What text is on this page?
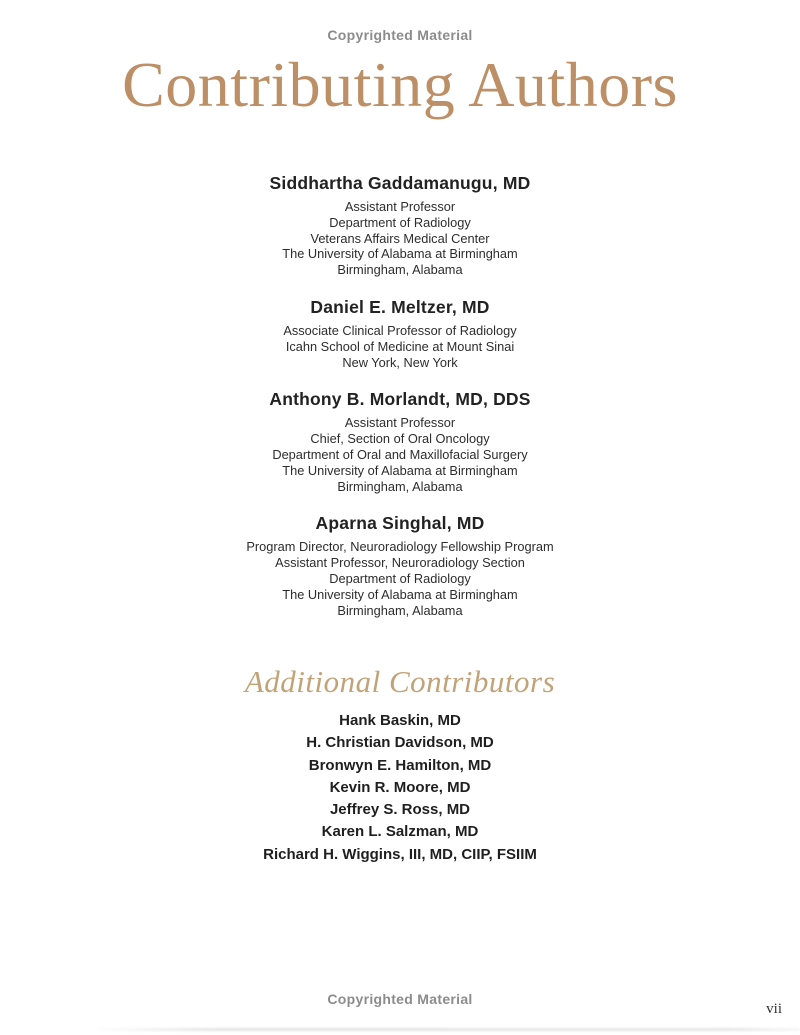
Copyrighted Material
Contributing Authors
Siddhartha Gaddamanugu, MD
Assistant Professor
Department of Radiology
Veterans Affairs Medical Center
The University of Alabama at Birmingham
Birmingham, Alabama
Daniel E. Meltzer, MD
Associate Clinical Professor of Radiology
Icahn School of Medicine at Mount Sinai
New York, New York
Anthony B. Morlandt, MD, DDS
Assistant Professor
Chief, Section of Oral Oncology
Department of Oral and Maxillofacial Surgery
The University of Alabama at Birmingham
Birmingham, Alabama
Aparna Singhal, MD
Program Director, Neuroradiology Fellowship Program
Assistant Professor, Neuroradiology Section
Department of Radiology
The University of Alabama at Birmingham
Birmingham, Alabama
Additional Contributors
Hank Baskin, MD
H. Christian Davidson, MD
Bronwyn E. Hamilton, MD
Kevin R. Moore, MD
Jeffrey S. Ross, MD
Karen L. Salzman, MD
Richard H. Wiggins, III, MD, CIIP, FSIIM
Copyrighted Material
vii
